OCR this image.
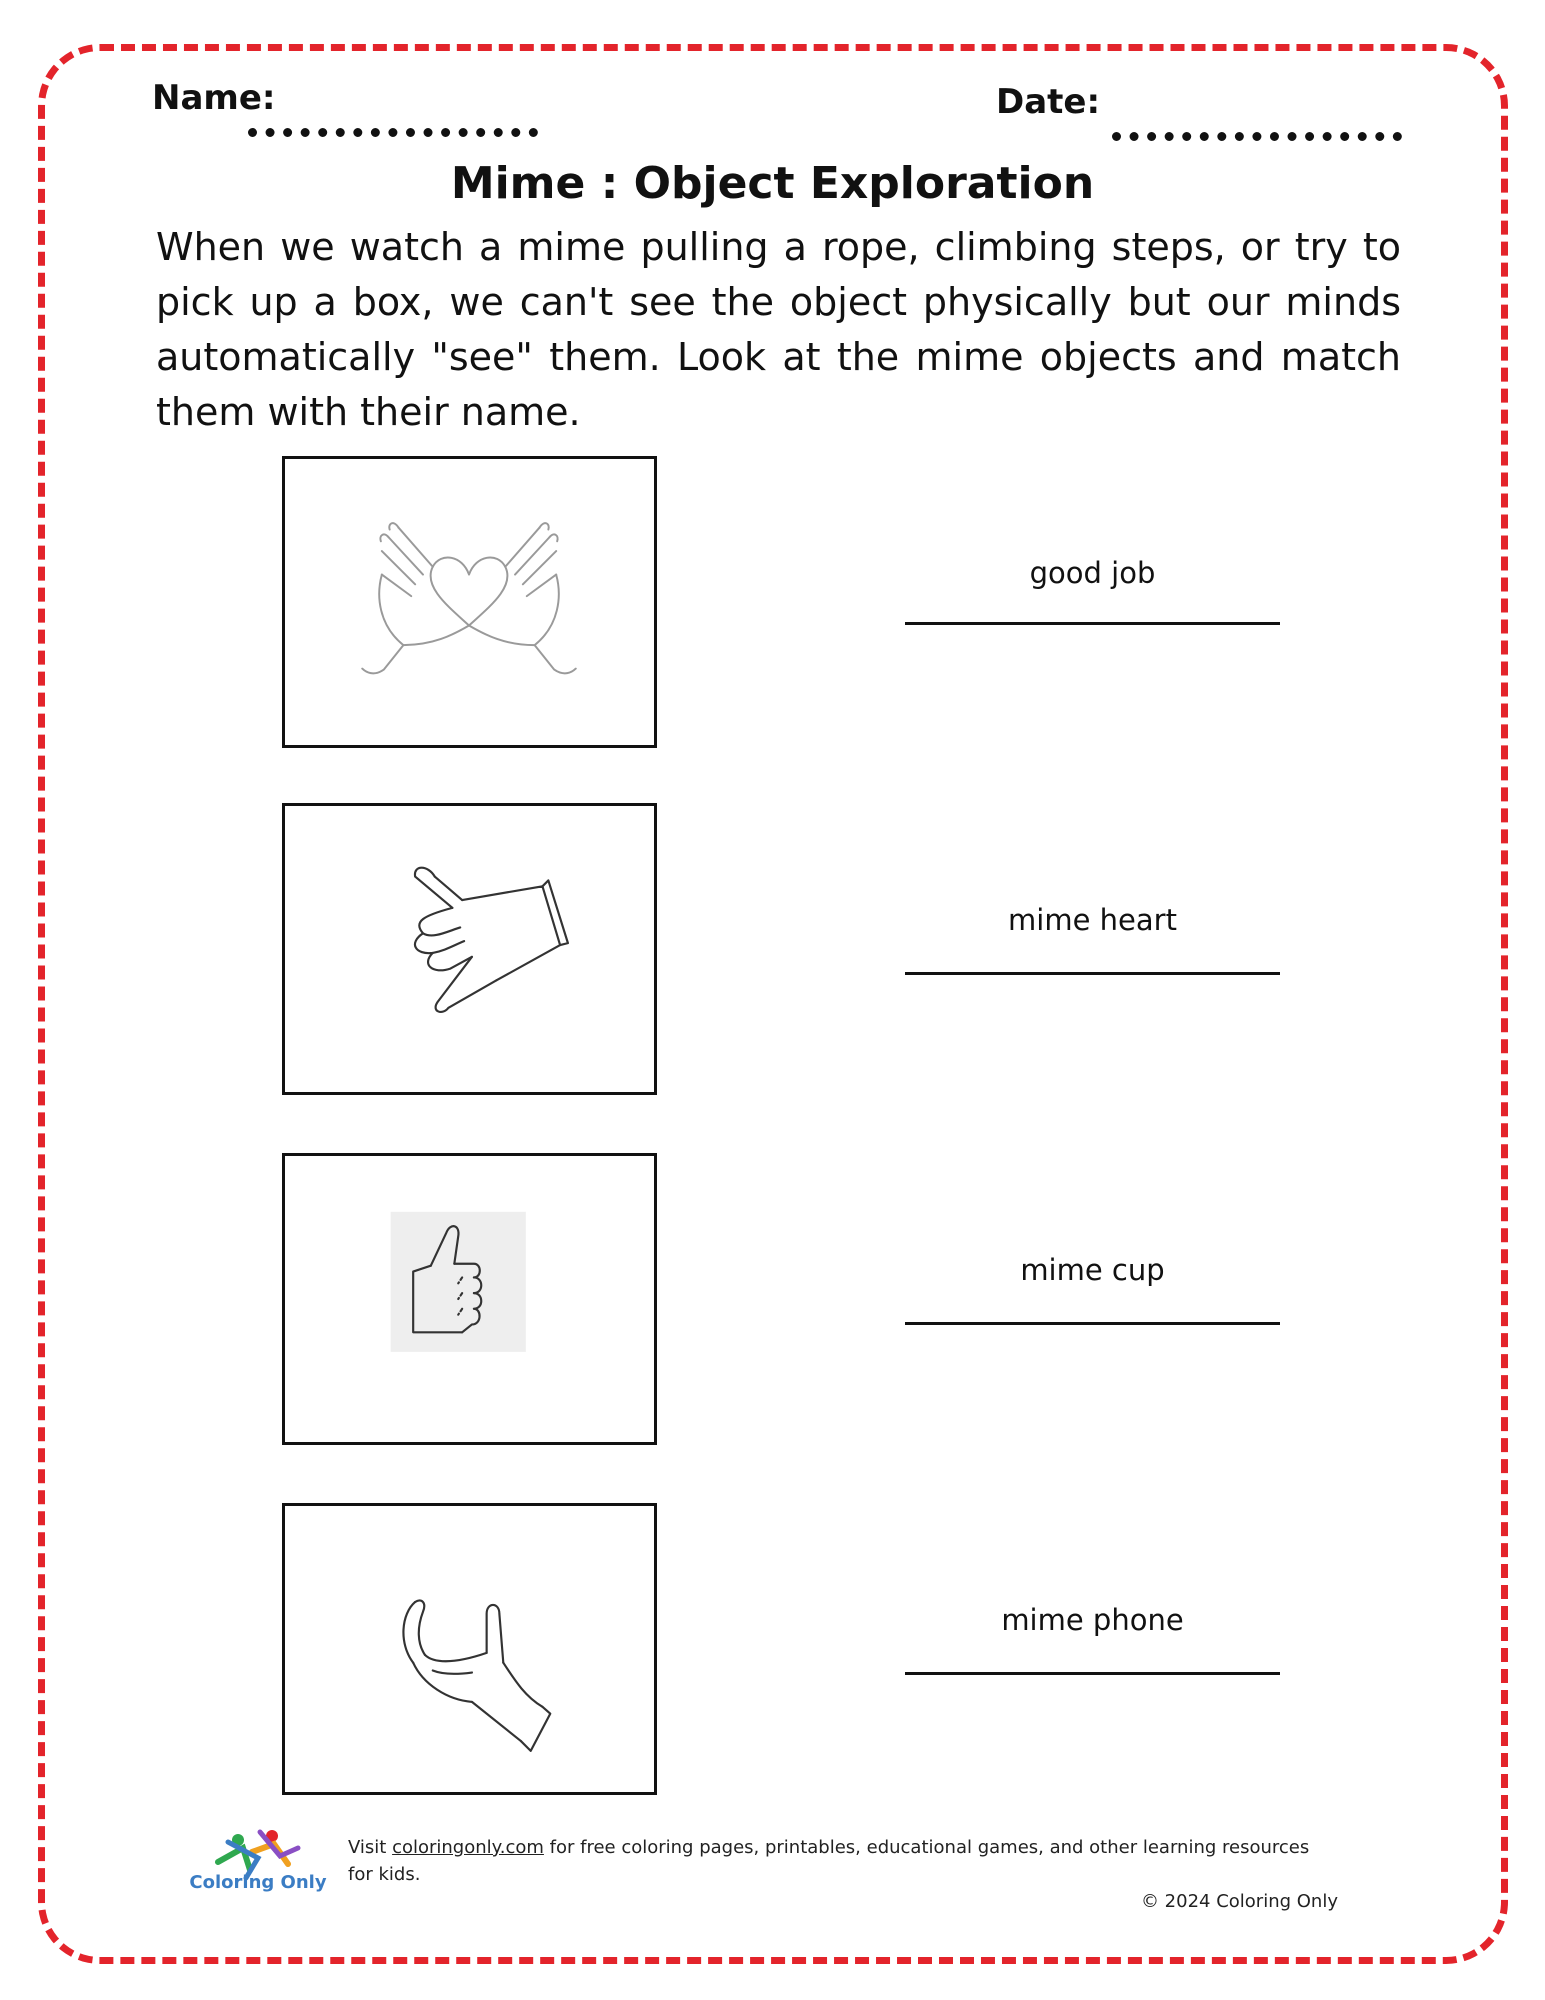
Name:	Date:
Mime : Object Exploration
When we watch a mime pulling a rope, climbing steps, or try to pick up a box, we can't see the object physically but our minds automatically "see" them. Look at the mime objects and match them with their name.
good job
mime heart
mime cup
mime phone
Coloring Only
Visit coloringonly.com for free coloring pages, printables, educational games, and other learning resources for kids.
© 2024 Coloring Only
